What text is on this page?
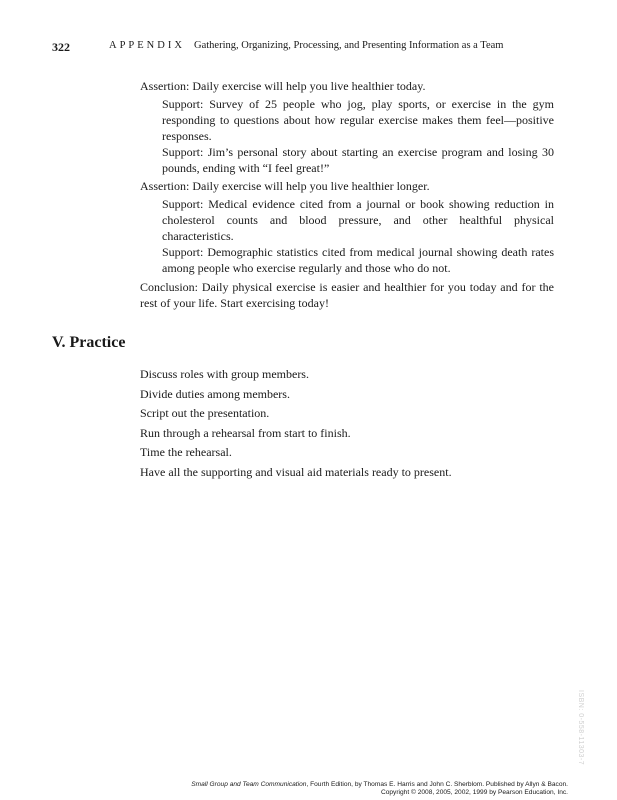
322	APPENDIX Gathering, Organizing, Processing, and Presenting Information as a Team
Assertion: Daily exercise will help you live healthier today.
Support: Survey of 25 people who jog, play sports, or exercise in the gym responding to questions about how regular exercise makes them feel—positive responses.
Support: Jim’s personal story about starting an exercise program and losing 30 pounds, ending with “I feel great!”
Assertion: Daily exercise will help you live healthier longer.
Support: Medical evidence cited from a journal or book showing reduction in cholesterol counts and blood pressure, and other healthful physical characteristics.
Support: Demographic statistics cited from medical journal showing death rates among people who exercise regularly and those who do not.
Conclusion: Daily physical exercise is easier and healthier for you today and for the rest of your life. Start exercising today!
V. Practice
Discuss roles with group members.
Divide duties among members.
Script out the presentation.
Run through a rehearsal from start to finish.
Time the rehearsal.
Have all the supporting and visual aid materials ready to present.
ISBN: 0-558-11303-7
Small Group and Team Communication, Fourth Edition, by Thomas E. Harris and John C. Sherblom. Published by Allyn & Bacon.
Copyright © 2008, 2005, 2002, 1999 by Pearson Education, Inc.
